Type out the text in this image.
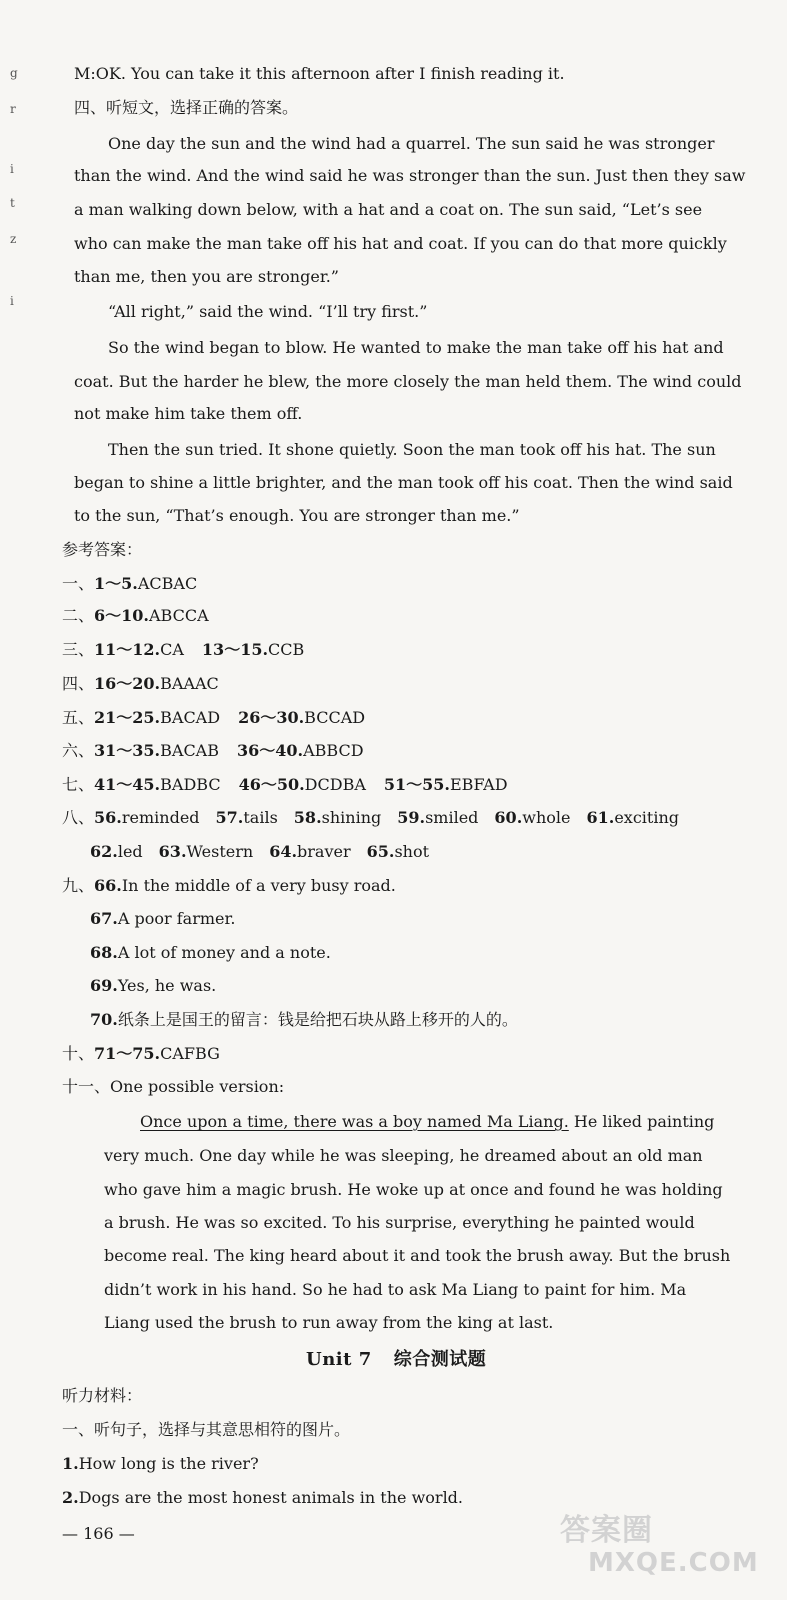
g
r
i
t
z
i
M:OK. You can take it this afternoon after I finish reading it.
四、听短文，选择正确的答案。
One day the sun and the wind had a quarrel. The sun said he was stronger
than the wind. And the wind said he was stronger than the sun. Just then they saw
a man walking down below, with a hat and a coat on. The sun said, “Let’s see
who can make the man take off his hat and coat. If you can do that more quickly
than me, then you are stronger.”
“All right,” said the wind. “I’ll try first.”
So the wind began to blow. He wanted to make the man take off his hat and
coat. But the harder he blew, the more closely the man held them. The wind could
not make him take them off.
Then the sun tried. It shone quietly. Soon the man took off his hat. The sun
began to shine a little brighter, and the man took off his coat. Then the wind said
to the sun, “That’s enough. You are stronger than me.”
参考答案：
一、1～5.ACBAC
二、6～10.ABCCA
三、11～12.CA 13～15.CCB
四、16～20.BAAAC
五、21～25.BACAD 26～30.BCCAD
六、31～35.BACAB 36～40.ABBCD
七、41～45.BADBC 46～50.DCDBA 51～55.EBFAD
八、56.reminded 57.tails 58.shining 59.smiled 60.whole 61.exciting
62.led 63.Western 64.braver 65.shot
九、66.In the middle of a very busy road.
67.A poor farmer.
68.A lot of money and a note.
69.Yes, he was.
70.纸条上是国王的留言：钱是给把石块从路上移开的人的。
十、71～75.CAFBG
十一、One possible version:
Once upon a time, there was a boy named Ma Liang. He liked painting
very much. One day while he was sleeping, he dreamed about an old man
who gave him a magic brush. He woke up at once and found he was holding
a brush. He was so excited. To his surprise, everything he painted would
become real. The king heard about it and took the brush away. But the brush
didn’t work in his hand. So he had to ask Ma Liang to paint for him. Ma
Liang used the brush to run away from the king at last.
Unit 7 综合测试题
听力材料：
一、听句子，选择与其意思相符的图片。
1.How long is the river?
2.Dogs are the most honest animals in the world.
— 166 —	答案圈
MXQE.COM
